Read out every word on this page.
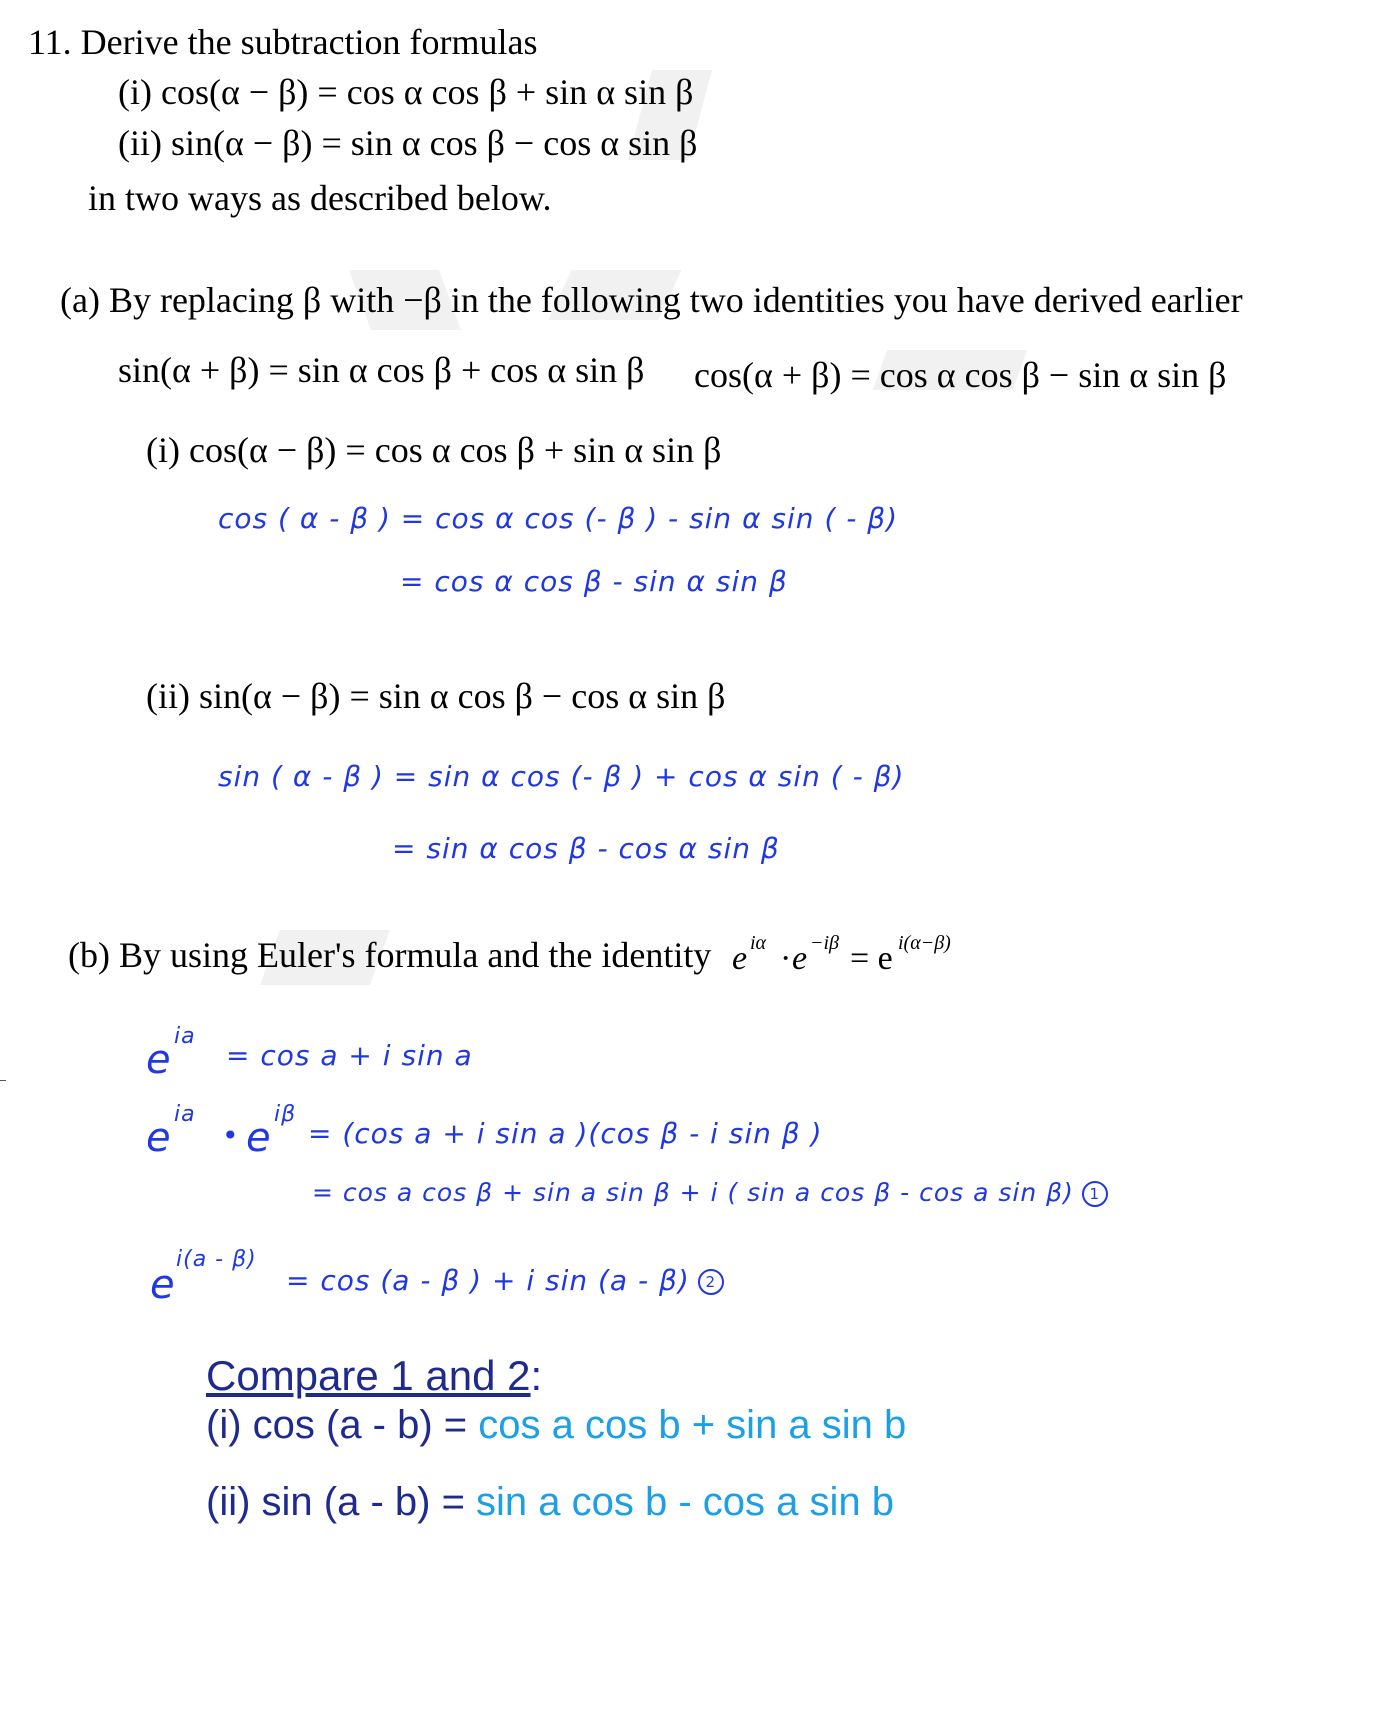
11. Derive the subtraction formulas
(i) cos(α − β) = cos α cos β + sin α sin β
(ii) sin(α − β) = sin α cos β − cos α sin β
in two ways as described below.
(a) By replacing β with −β in the following two identities you have derived earlier
sin(α + β) = sin α cos β + cos α sin β cos(α + β) = cos α cos β − sin α sin β
(i) cos(α − β) = cos α cos β + sin α sin β
cos ( α - β ) = cos α cos (- β ) - sin α sin ( - β)
= cos α cos β - sin α sin β
(ii) sin(α − β) = sin α cos β − cos α sin β
sin ( α - β ) = sin α cos (- β ) + cos α sin ( - β)
= sin α cos β - cos α sin β
(b) By using Euler's formula and the identity e iα · e −iβ = e i(α−β)
e
ia
= cos a + i sin a
e
ia
• e
iβ
= (cos a + i sin a )(cos β - i sin β )
= cos a cos β + sin a sin β + i ( sin a cos β - cos a sin β) 1
e
i(a - β)
= cos (a - β ) + i sin (a - β) 2
Compare 1 and 2:
(i) cos (a - b) = cos a cos b + sin a sin b
(ii) sin (a - b) = sin a cos b - cos a sin b
